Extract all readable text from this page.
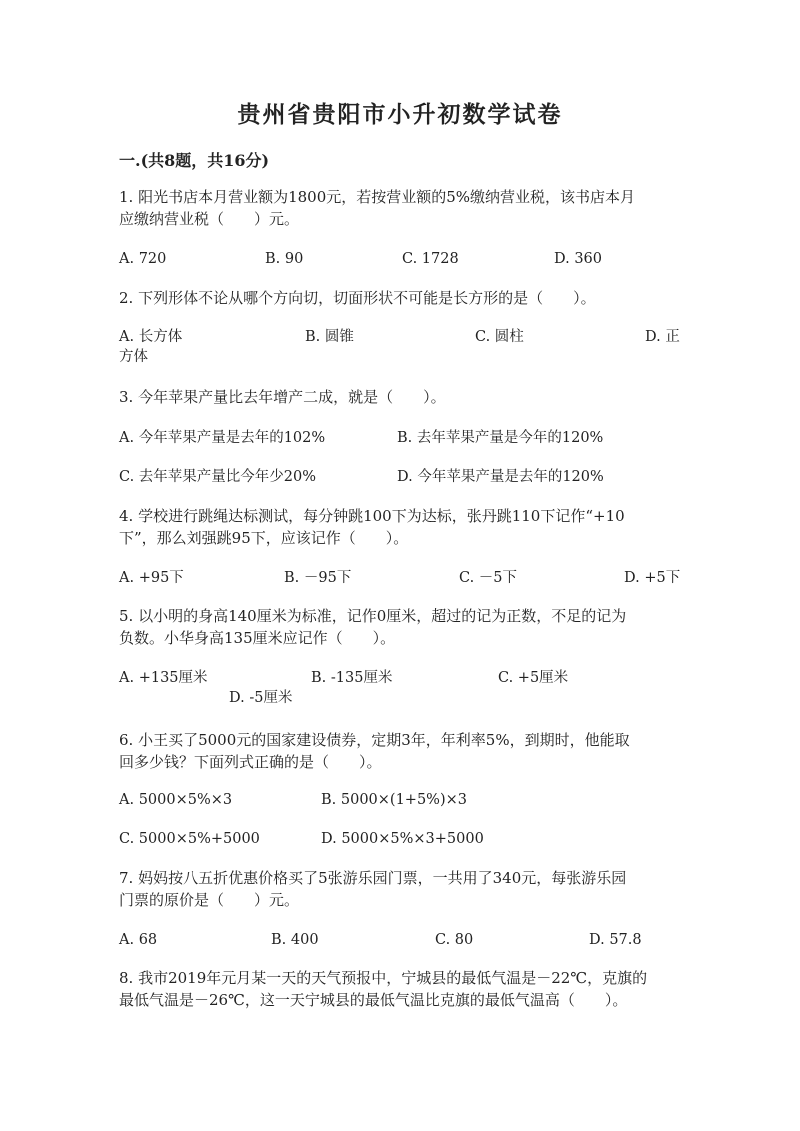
贵州省贵阳市小升初数学试卷
一.(共8题，共16分)
1. 阳光书店本月营业额为1800元，若按营业额的5%缴纳营业税，该书店本月
应缴纳营业税（　　）元。
A. 720	B. 90	C. 1728	D. 360
2. 下列形体不论从哪个方向切，切面形状不可能是长方形的是（　　）。
A. 长方体	B. 圆锥	C. 圆柱	D. 正
方体
3. 今年苹果产量比去年增产二成，就是（　　）。
A. 今年苹果产量是去年的102%	B. 去年苹果产量是今年的120%
C. 去年苹果产量比今年少20%	D. 今年苹果产量是去年的120%
4. 学校进行跳绳达标测试，每分钟跳100下为达标，张丹跳110下记作“+10
下”，那么刘强跳95下，应该记作（　　）。
A. +95下	B. －95下	C. －5下	D. +5下
5. 以小明的身高140厘米为标准，记作0厘米，超过的记为正数，不足的记为
负数。小华身高135厘米应记作（　　）。
A. +135厘米	B. -135厘米	C. +5厘米
D. -5厘米
6. 小王买了5000元的国家建设债券，定期3年，年利率5%，到期时，他能取
回多少钱？下面列式正确的是（　　）。
A. 5000×5%×3	B. 5000×(1+5%)×3
C. 5000×5%+5000	D. 5000×5%×3+5000
7. 妈妈按八五折优惠价格买了5张游乐园门票，一共用了340元，每张游乐园
门票的原价是（　　）元。
A. 68	B. 400	C. 80	D. 57.8
8. 我市2019年元月某一天的天气预报中，宁城县的最低气温是－22℃，克旗的
最低气温是－26℃，这一天宁城县的最低气温比克旗的最低气温高（　　）。
